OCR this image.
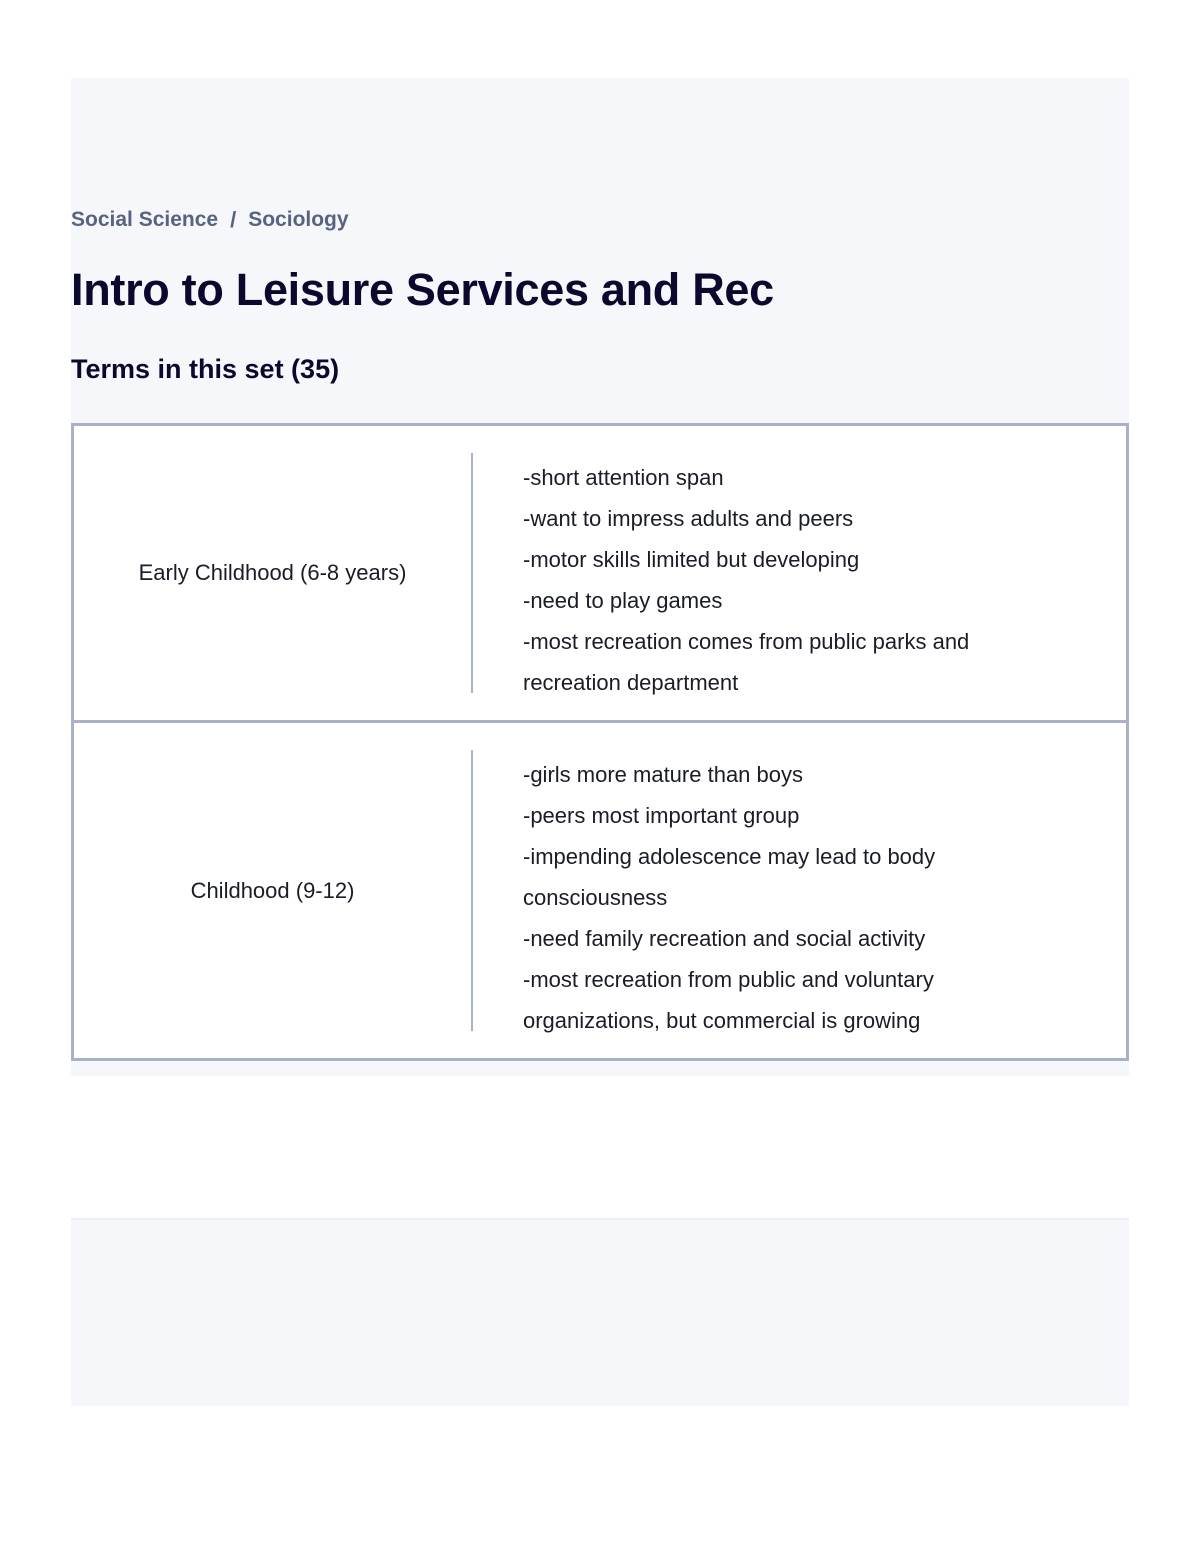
Social Science / Sociology
Intro to Leisure Services and Rec
Terms in this set (35)
Early Childhood (6-8 years)
-short attention span
-want to impress adults and peers
-motor skills limited but developing
-need to play games
-most recreation comes from public parks and
recreation department
Childhood (9-12)
-girls more mature than boys
-peers most important group
-impending adolescence may lead to body
consciousness
-need family recreation and social activity
-most recreation from public and voluntary
organizations, but commercial is growing
